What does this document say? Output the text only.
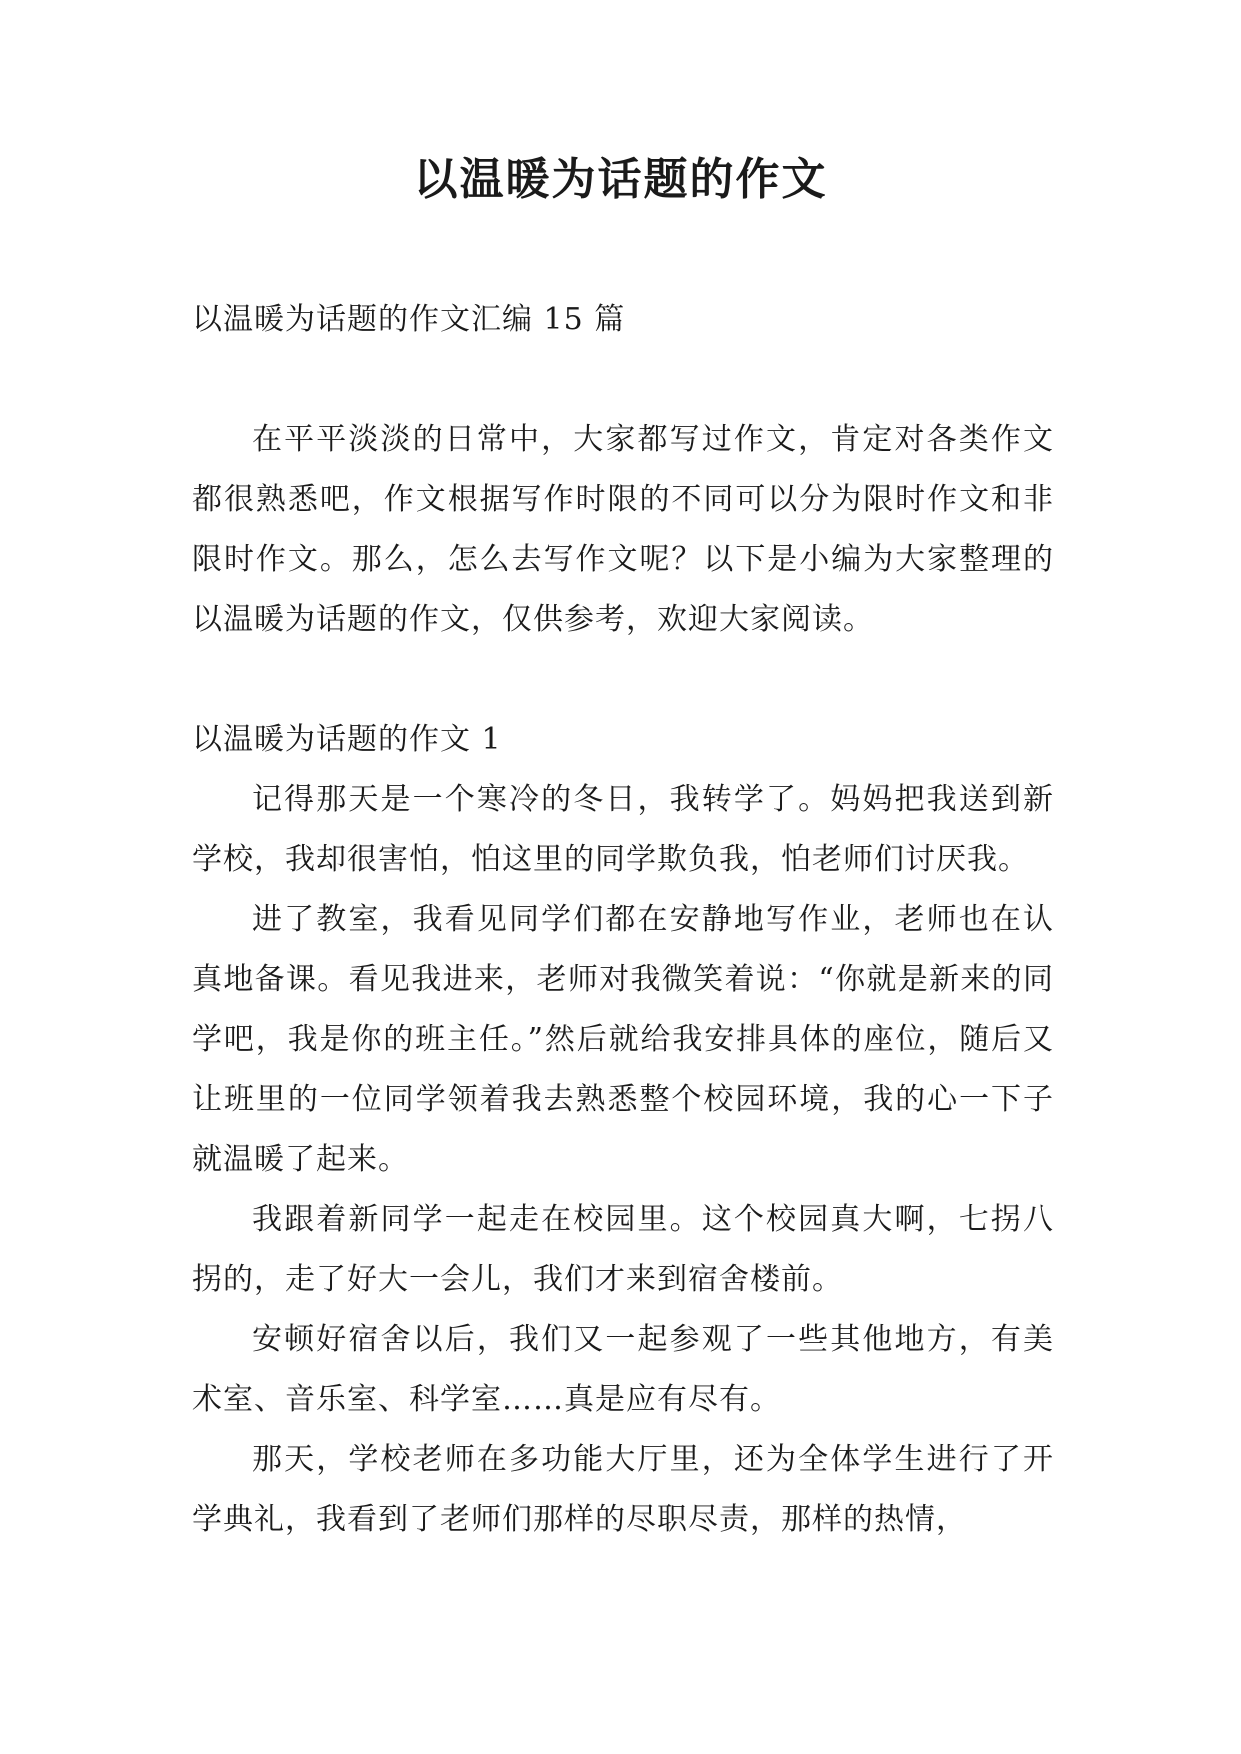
以温暖为话题的作文

以温暖为话题的作文汇编 15 篇

在平平淡淡的日常中，大家都写过作文，肯定对各类作文都很熟悉吧，作文根据写作时限的不同可以分为限时作文和非限时作文。那么，怎么去写作文呢？以下是小编为大家整理的以温暖为话题的作文，仅供参考，欢迎大家阅读。

以温暖为话题的作文 1

记得那天是一个寒冷的冬日，我转学了。妈妈把我送到新学校，我却很害怕，怕这里的同学欺负我，怕老师们讨厌我。

进了教室，我看见同学们都在安静地写作业，老师也在认真地备课。看见我进来，老师对我微笑着说：“你就是新来的同学吧，我是你的班主任。”然后就给我安排具体的座位，随后又让班里的一位同学领着我去熟悉整个校园环境，我的心一下子就温暖了起来。

我跟着新同学一起走在校园里。这个校园真大啊，七拐八拐的，走了好大一会儿，我们才来到宿舍楼前。

安顿好宿舍以后，我们又一起参观了一些其他地方，有美术室、音乐室、科学室……真是应有尽有。

那天，学校老师在多功能大厅里，还为全体学生进行了开学典礼，我看到了老师们那样的尽职尽责，那样的热情，
